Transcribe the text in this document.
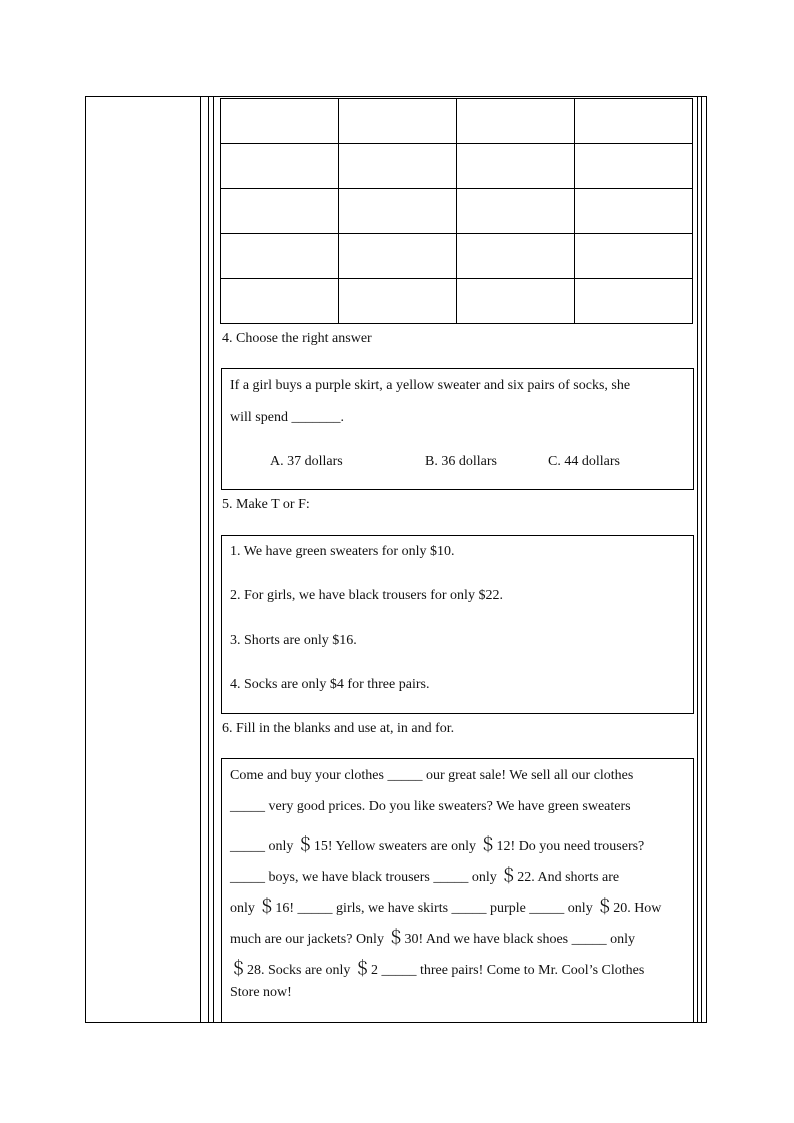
4. Choose the right answer
If a girl buys a purple skirt, a yellow sweater and six pairs of socks, she
will spend _______.
A. 37 dollars	B. 36 dollars	C. 44 dollars
5. Make T or F:
1. We have green sweaters for only $10.
2. For girls, we have black trousers for only $22.
3. Shorts are only $16.
4. Socks are only $4 for three pairs.
6. Fill in the blanks and use at, in and for.
Come and buy your clothes _____ our great sale! We sell all our clothes
_____ very good prices. Do you like sweaters? We have green sweaters
_____ only ＄15! Yellow sweaters are only ＄12! Do you need trousers?
_____ boys, we have black trousers _____ only ＄22. And shorts are
only ＄16! _____ girls, we have skirts _____ purple _____ only ＄20. How
much are our jackets? Only ＄30! And we have black shoes _____ only
＄28. Socks are only ＄2 _____ three pairs! Come to Mr. Cool’s Clothes
Store now!
